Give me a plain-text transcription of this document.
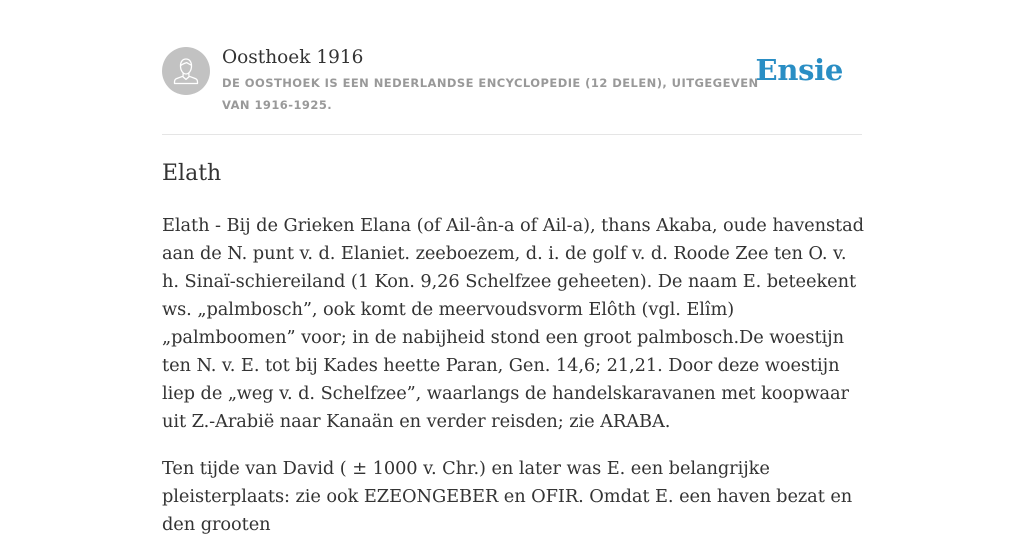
Oosthoek 1916
DE OOSTHOEK IS EEN NEDERLANDSE ENCYCLOPEDIE (12 DELEN), UITGEGEVEN VAN 1916-1925.
Ensie
Elath

Elath - Bij de Grieken Elana (of Ail-ân-a of Ail-a), thans Akaba, oude havenstad aan de N. punt v. d. Elaniet. zeeboezem, d. i. de golf v. d. Roode Zee ten O. v. h. Sinaï-schiereiland (1 Kon. 9,26 Schelfzee geheeten). De naam E. beteekent ws. „palmbosch”, ook komt de meervoudsvorm Elôth (vgl. Elîm) „palmboomen” voor; in de nabijheid stond een groot palmbosch.De woestijn ten N. v. E. tot bij Kades heette Paran, Gen. 14,6; 21,21. Door deze woestijn liep de „weg v. d. Schelfzee”, waarlangs de handelskaravanen met koopwaar uit Z.-Arabië naar Kanaän en verder reisden; zie ARABA.

Ten tijde van David ( ± 1000 v. Chr.) en later was E. een belangrijke pleisterplaats: zie ook EZEONGEBER en OFIR. Omdat E. een haven bezat en den grooten
